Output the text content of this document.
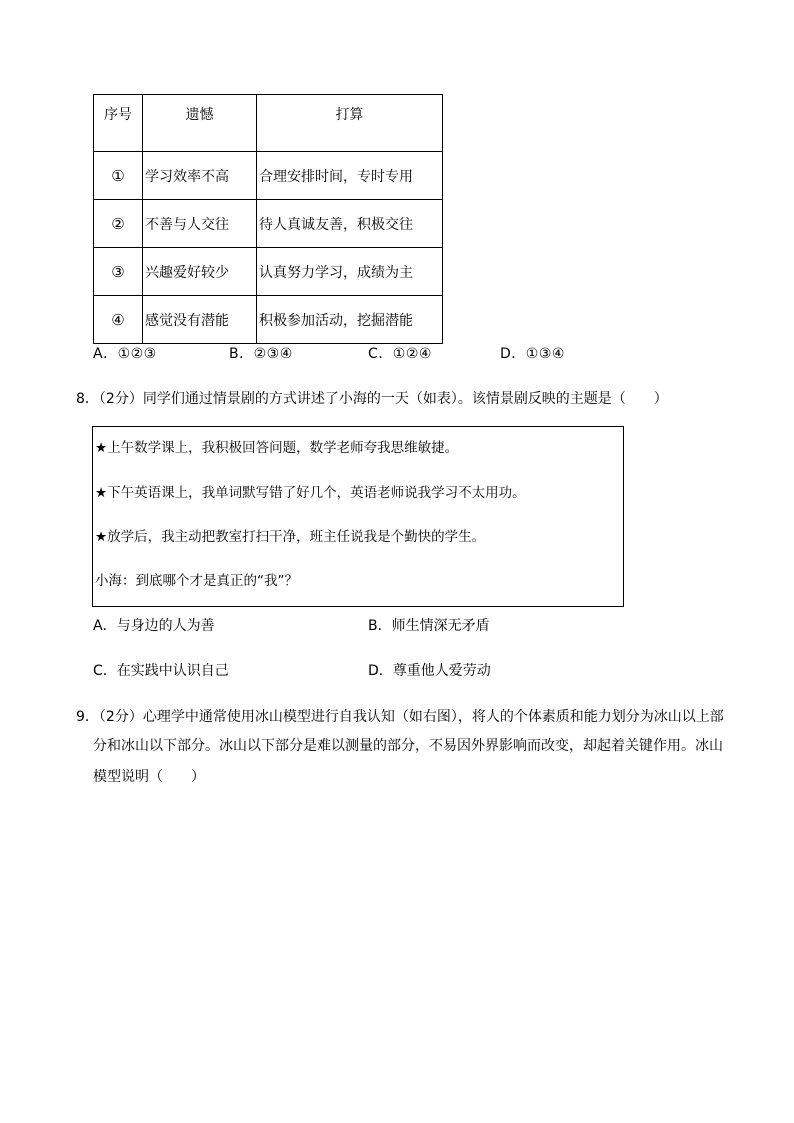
序号	遗憾	打算
①	学习效率不高	合理安排时间，专时专用
②	不善与人交往	待人真诚友善，积极交往
③	兴趣爱好较少	认真努力学习，成绩为主
④	感觉没有潜能	积极参加活动，挖掘潜能
A．①②③	B．②③④	C．①②④	D．①③④
8．（2分）同学们通过情景剧的方式讲述了小海的一天（如表）。该情景剧反映的主题是（　　）
★上午数学课上，我积极回答问题，数学老师夸我思维敏捷。
★下午英语课上，我单词默写错了好几个，英语老师说我学习不太用功。
★放学后，我主动把教室打扫干净，班主任说我是个勤快的学生。
小海：到底哪个才是真正的“我”？
A．与身边的人为善	B．师生情深无矛盾
C．在实践中认识自己	D．尊重他人爱劳动
9．（2分）心理学中通常使用冰山模型进行自我认知（如右图），将人的个体素质和能力划分为冰山以上部
分和冰山以下部分。冰山以下部分是难以测量的部分，不易因外界影响而改变，却起着关键作用。冰山
模型说明（　　）
